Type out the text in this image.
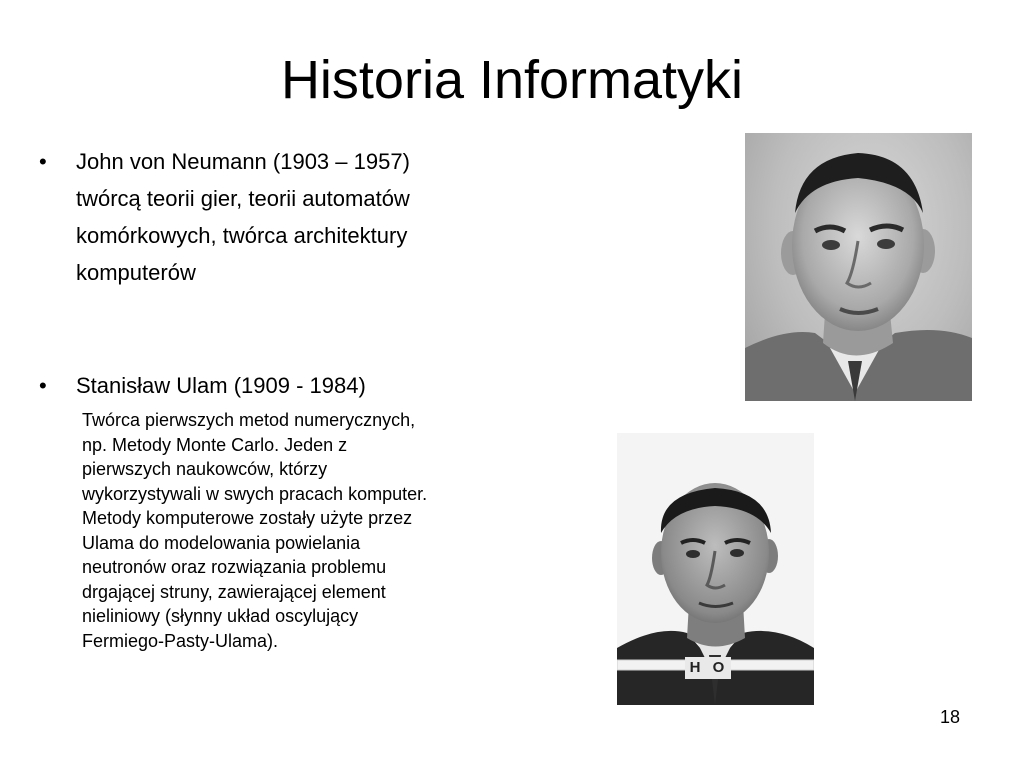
Historia Informatyki
•	John von Neumann (1903 – 1957)
twórcą teorii gier, teorii automatów
komórkowych, twórca architektury
komputerów
•	Stanisław Ulam (1909 - 1984)
Twórca pierwszych metod numerycznych,
np. Metody Monte Carlo. Jeden z
pierwszych naukowców, którzy
wykorzystywali w swych pracach komputer.
Metody komputerowe zostały użyte przez
Ulama do modelowania powielania
neutronów oraz rozwiązania problemu
drgającej struny, zawierającej element
nieliniowy (słynny układ oscylujący
Fermiego-Pasty-Ulama).
H O
18
